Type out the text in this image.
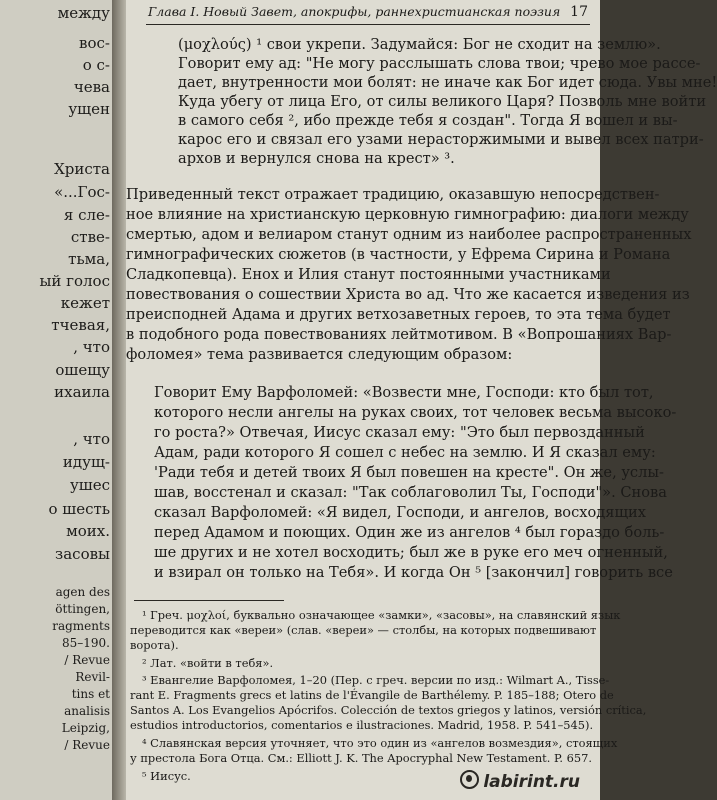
между
вос-
о с-
чева
ущен
Христа
«...Гос-
я сле-
стве-
тьма,
ый голос
кежет
тчевая,
, что
ошещу
ихаила
, что
идущ-
ушес
о шесть
моих.
засовы
agen des
öttingen,
ragments
85–190.
/ Revue
Revil-
tins et
analisis
Leipzig,
/ Revue
Глава I. Новый Завет, апокрифы, раннехристианская поэзия 17
(μοχλούς) ¹ свои укрепи. Задумайся: Бог не сходит на землю».
Говорит ему ад: "Не могу расслышать слова твои; чрево мое рассе-
дает, внутренности мои болят: не иначе как Бог идет сюда. Увы мне!
Куда убегу от лица Его, от силы великого Царя? Позволь мне войти
в самого себя ², ибо прежде тебя я создан". Тогда Я вошел и вы-
карос его и связал его узами нерасторжимыми и вывел всех патри-
архов и вернулся снова на крест» ³.
Приведенный текст отражает традицию, оказавшую непосредствен-
ное влияние на христианскую церковную гимнографию: диалоги между
смертью, адом и велиаром станут одним из наиболее распространенных
гимнографических сюжетов (в частности, у Ефрема Сирина и Романа
Сладкопевца). Енох и Илия станут постоянными участниками
повествования о сошествии Христа во ад. Что же касается изведения из
преисподней Адама и других ветхозаветных героев, то эта тема будет
в подобного рода повествованиях лейтмотивом. В «Вопрошаниях Вар-
фоломея» тема развивается следующим образом:
Говорит Ему Варфоломей: «Возвести мне, Господи: кто был тот,
которого несли ангелы на руках своих, тот человек весьма высоко-
го роста?» Отвечая, Иисус сказал ему: "Это был первозданный
Адам, ради которого Я сошел с небес на землю. И Я сказал ему:
'Ради тебя и детей твоих Я был повешен на кресте". Он же, услы-
шав, восстенал и сказал: "Так соблаговолил Ты, Господи"». Снова
сказал Варфоломей: «Я видел, Господи, и ангелов, восходящих
перед Адамом и поющих. Один же из ангелов ⁴ был гораздо боль-
ше других и не хотел восходить; был же в руке его меч огненный,
и взирал он только на Тебя». И когда Он ⁵ [закончил] говорить все
¹ Греч. μοχλοί, буквально означающее «замки», «засовы», на славянский язык
переводится как «вереи» (слав. «вереи» — столбы, на которых подвешивают
ворота).
² Лат. «войти в тебя».
³ Евангелие Варфоломея, 1–20 (Пер. с греч. версии по изд.: Wilmart A., Tisse-
rant E. Fragments grecs et latins de l'Évangile de Barthélemy. P. 185–188; Otero de
Santos A. Los Evangelios Apócrifos. Colección de textos griegos y latinos, versión crítica,
estudios introductorios, comentarios e ilustraciones. Madrid, 1958. P. 541–545).
⁴ Славянская версия уточняет, что это один из «ангелов возмездия», стоящих
у престола Бога Отца. См.: Elliott J. K. The Apocryphal New Testament. P. 657.
⁵ Иисус.	labirint.ru
